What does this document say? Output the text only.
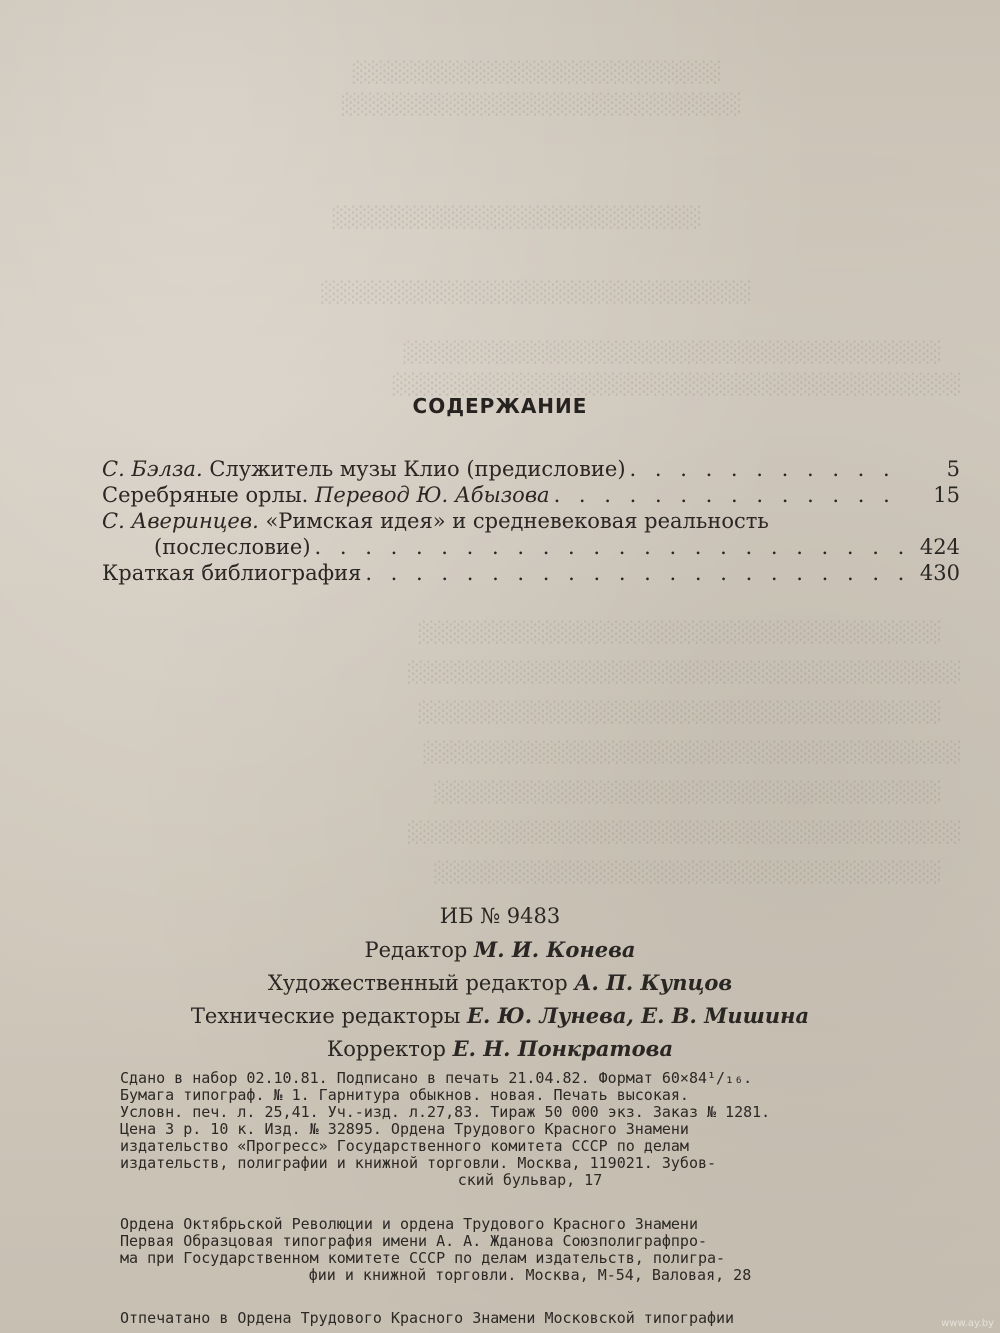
░░░░░░░░░░░░░░░░░░░░░░░░
░░░░░░░░░░░░░░░░░░░░░░░░░░
░░░░░░░░░░░░░░░░░░░░░░░░
░░░░░░░░░░░░░░░░░░░░░░░░░░░░
░░░░░░░░░░░░░░░░░░░░░░░░░░░░░░░░░░░
░░░░░░░░░░░░░░░░░░░░░░░░░░░░░░░░░░░░░
░░░░░░░░░░░░░░░░░░░░░░░░░░░░░░░░░░
░░░░░░░░░░░░░░░░░░░░░░░░░░░░░░░░░░░░
░░░░░░░░░░░░░░░░░░░░░░░░░░░░░░░░░░
░░░░░░░░░░░░░░░░░░░░░░░░░░░░░░░░░░░
░░░░░░░░░░░░░░░░░░░░░░░░░░░░░░░░░
░░░░░░░░░░░░░░░░░░░░░░░░░░░░░░░░░░░░
░░░░░░░░░░░░░░░░░░░░░░░░░░░░░░░░░
СОДЕРЖАНИЕ
С. Бэлза. Служитель музы Клио (предисловие) . . .	5
Серебряные орлы. Перевод Ю. Абызова . . .	15
С. Аверинцев. «Римская идея» и средневековая реальность
(послесловие) . . .	424
Краткая библиография . . .	430
ИБ № 9483
Редактор М. И. Конева
Художественный редактор А. П. Купцов
Технические редакторы Е. Ю. Лунева, Е. В. Мишина
Корректор Е. Н. Понкратова
Сдано в набор 02.10.81. Подписано в печать 21.04.82. Формат 60×84¹/₁₆.
Бумага типограф. № 1. Гарнитура обыкнов. новая. Печать высокая.
Условн. печ. л. 25,41. Уч.-изд. л.27,83. Тираж 50 000 экз. Заказ № 1281.
Цена 3 р. 10 к. Изд. № 32895. Ордена Трудового Красного Знамени
издательство «Прогресс» Государственного комитета СССР по делам
издательств, полиграфии и книжной торговли. Москва, 119021. Зубов-
ский бульвар, 17
Ордена Октябрьской Революции и ордена Трудового Красного Знамени
Первая Образцовая типография имени А. А. Жданова Союзполиграфпро-
ма при Государственном комитете СССР по делам издательств, полигра-
фии и книжной торговли. Москва, М-54, Валовая, 28
Отпечатано в Ордена Трудового Красного Знамени Московской типографии	www.ay.by
